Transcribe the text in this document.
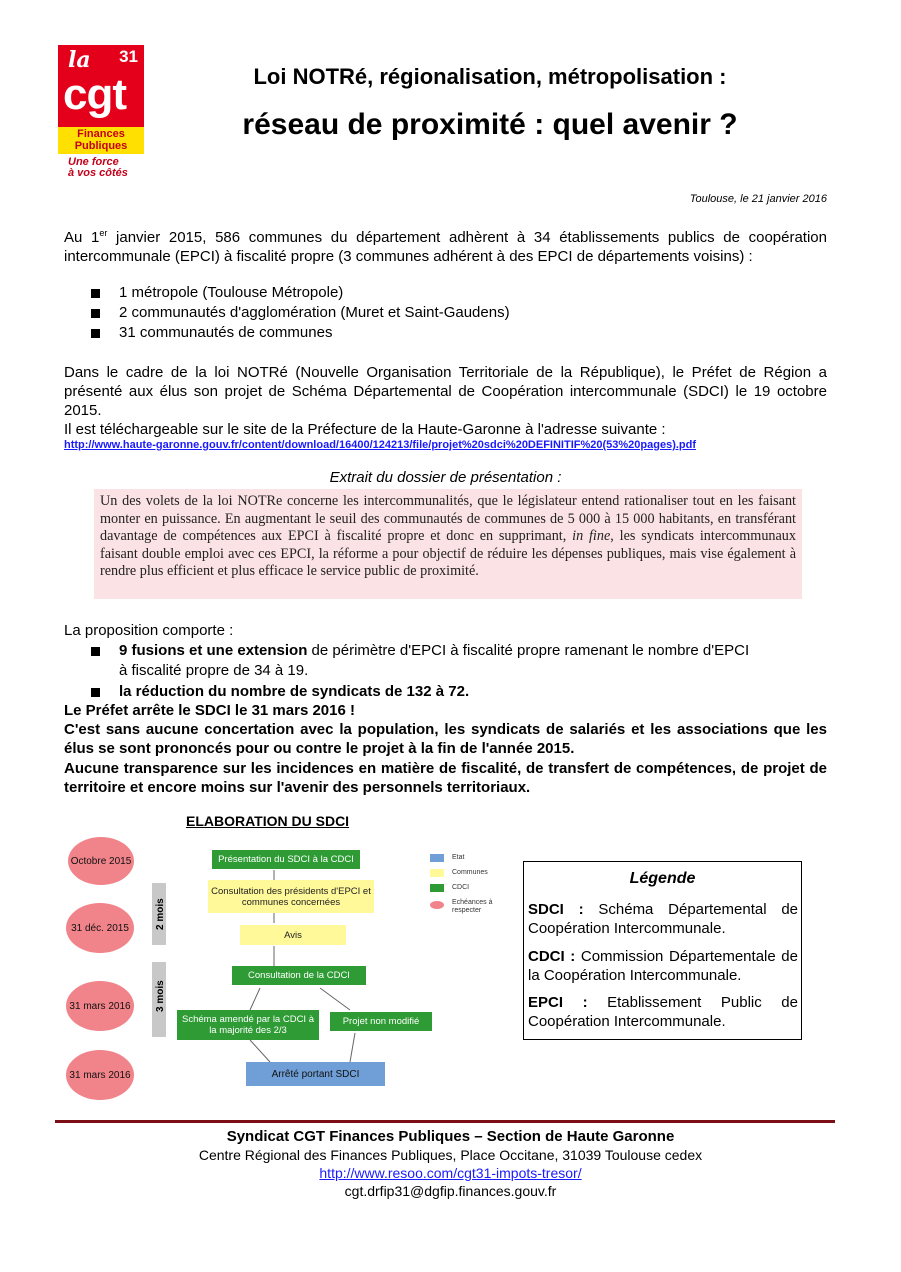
la 31
cgt
Finances
Publiques
Une force
à vos côtés
Loi NOTRé, régionalisation, métropolisation :
réseau de proximité : quel avenir ?
Toulouse, le 21 janvier 2016
Au 1er janvier 2015, 586 communes du département adhèrent à 34 établissements publics de coopération intercommunale (EPCI) à fiscalité propre (3 communes adhérent à des EPCI de départements voisins) :
1 métropole (Toulouse Métropole)
2 communautés d'agglomération (Muret et Saint-Gaudens)
31 communautés de communes
Dans le cadre de la loi NOTRé (Nouvelle Organisation Territoriale de la République), le Préfet de Région a présenté aux élus son projet de Schéma Départemental de Coopération intercommunale (SDCI) le 19 octobre 2015.
Il est téléchargeable sur le site de la Préfecture de la Haute-Garonne à l'adresse suivante :
http://www.haute-garonne.gouv.fr/content/download/16400/124213/file/projet%20sdci%20DEFINITIF%20(53%20pages).pdf
Extrait du dossier de présentation :
Un des volets de la loi NOTRe concerne les intercommunalités, que le législateur entend rationaliser tout en les faisant monter en puissance. En augmentant le seuil des communautés de communes de 5 000 à 15 000 habitants, en transférant davantage de compétences aux EPCI à fiscalité propre et donc en supprimant, in fine, les syndicats intercommunaux faisant double emploi avec ces EPCI, la réforme a pour objectif de réduire les dépenses publiques, mais vise également à rendre plus efficient et plus efficace le service public de proximité.
La proposition comporte :
9 fusions et une extension de périmètre d'EPCI à fiscalité propre ramenant le nombre d'EPCI
à fiscalité propre de 34 à 19.
la réduction du nombre de syndicats de 132 à 72.
Le Préfet arrête le SDCI le 31 mars 2016 !
C'est sans aucune concertation avec la population, les syndicats de salariés et les associations que les élus se sont prononcés pour ou contre le projet à la fin de l'année 2015.
Aucune transparence sur les incidences en matière de fiscalité, de transfert de compétences, de projet de territoire et encore moins sur l'avenir des personnels territoriaux.
ELABORATION DU SDCI
Octobre 2015
31 déc. 2015
31 mars 2016
31 mars 2016
2 mois
3 mois
Présentation du SDCI à la CDCI
Consultation des présidents d'EPCI et communes concernées
Avis
Consultation de la CDCI
Schéma amendé par la CDCI à la majorité des 2/3
Projet non modifié
Arrêté portant SDCI
Etat
Communes
CDCI
Echéances à respecter
Légende
SDCI : Schéma Départemental de Coopération Intercommunale.
CDCI : Commission Départementale de la Coopération Intercommunale.
EPCI : Etablissement Public de Coopération Intercommunale.
Syndicat CGT Finances Publiques – Section de Haute Garonne
Centre Régional des Finances Publiques, Place Occitane, 31039 Toulouse cedex
http://www.resoo.com/cgt31-impots-tresor/
cgt.drfip31@dgfip.finances.gouv.fr
